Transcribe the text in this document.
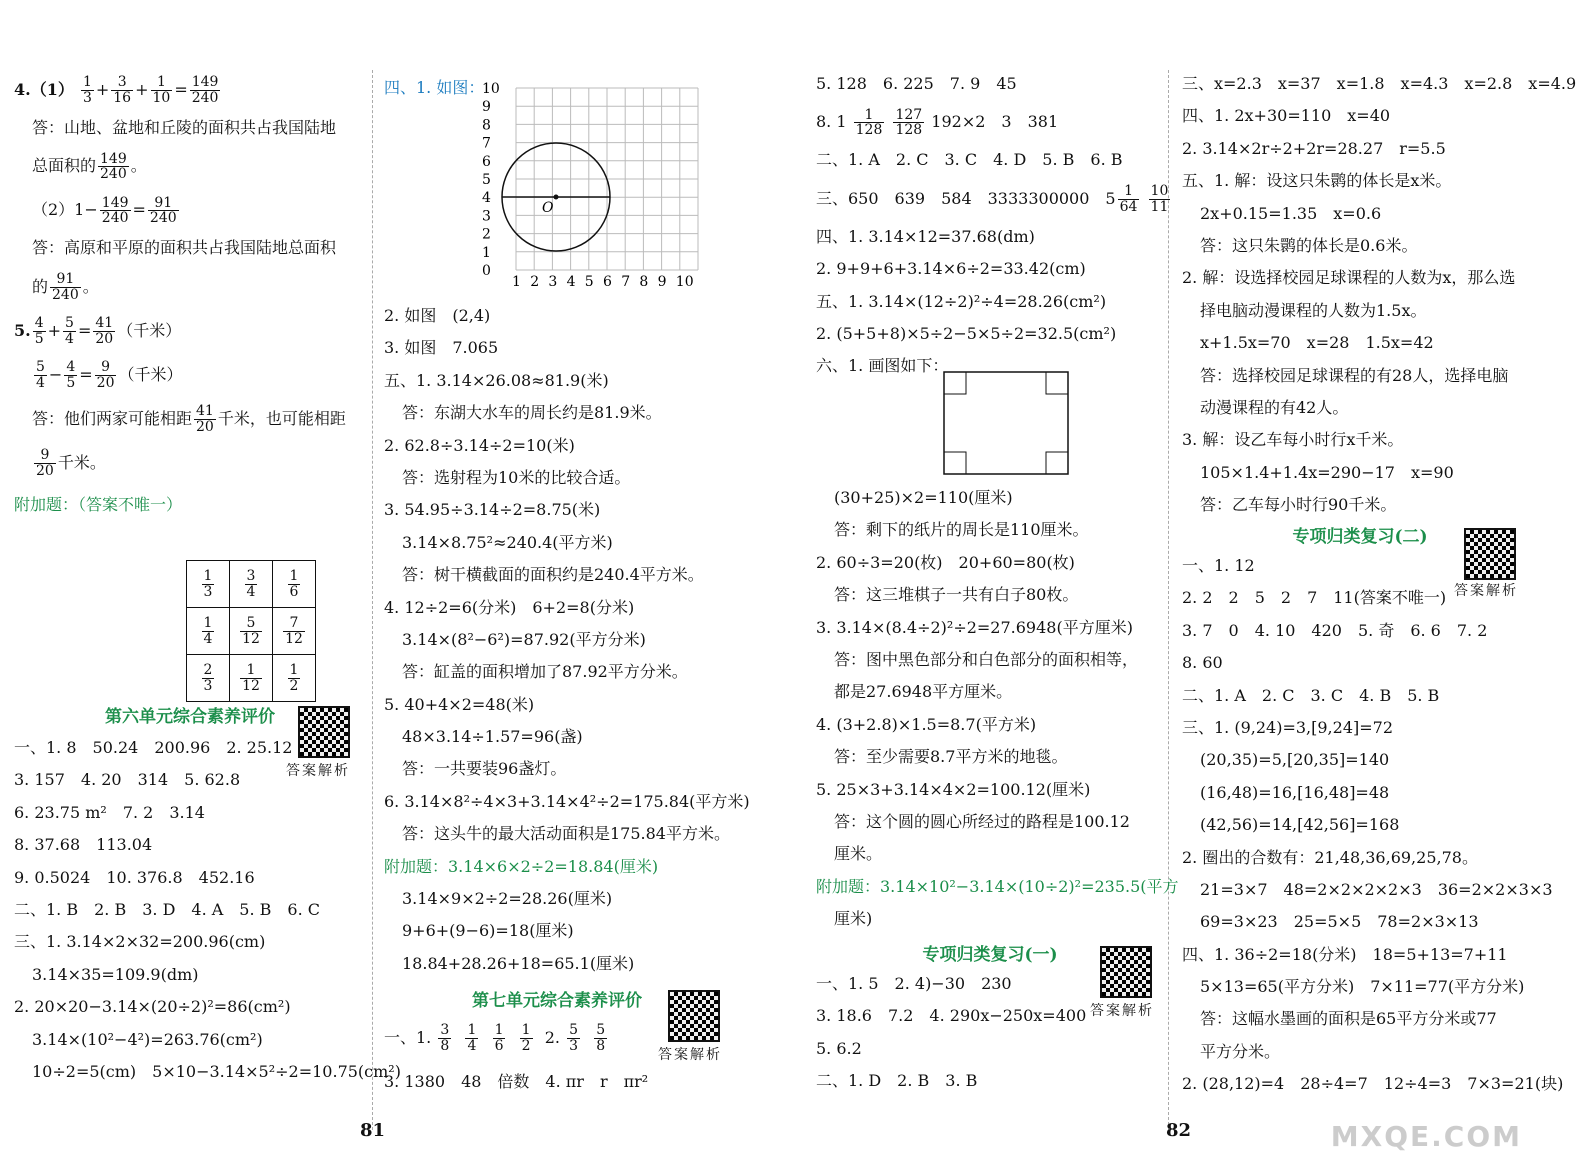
$4.(1) \frac{1}{3} + \frac{3}{16} + \frac{1}{10} = \frac{149}{240}$
答：山地、盆地和丘陵的面积共占我国陆地
总面积的 $\frac{149}{240}$ 。
$(2)1- \frac{149}{240} = \frac{91}{240}$
答：高原和平原的面积共占我国陆地总面积
的 $\frac{91}{240}$ 。
5. $\frac{4}{5} + \frac{5}{4} = \frac{41}{20}$ （千米）
$\frac{5}{4} - \frac{4}{5} = \frac{9}{20}$ （千米）
答：他们两家可能相距 $\frac{41}{20}$ 千米，也可能相距
$\frac{9}{20}$ 千米。
附加题：（答案不唯一）
$\frac{1}{3}$	$\frac{3}{4}$	$\frac{1}{6}$

$\frac{1}{4}$	$\frac{5}{12}$	$\frac{7}{12}$

$\frac{2}{3}$	$\frac{1}{12}$	$\frac{1}{2}$
第六单元综合素养评价
答案解析
一、1. 8　50.24　200.96　2. 25.12
3. 157　4. 20　314　5. 62.8
6. 23.75 m²　7. 2　3.14
8. 37.68　113.04
9. 0.5024　10. 376.8　452.16
二、1. B　2. B　3. D　4. A　5. B　6. C
三、1. 3.14×2×32=200.96(cm)
3.14×35=109.9(dm)
2. 20×20−3.14×(20÷2)²=86(cm²)
3.14×(10²−4²)=263.76(cm²)
10÷2=5(cm)　5×10−3.14×5²÷2=10.75(cm²)
四、1. 如图：
10
9
8
7
6
5
4
3
2
1
0
1 2 3 4 5 6 7 8 9 10
O
2. 如图　(2,4)
3. 如图　7.065
五、1. 3.14×26.08≈81.9(米)
答：东湖大水车的周长约是81.9米。
2. 62.8÷3.14÷2=10(米)
答：选射程为10米的比较合适。
3. 54.95÷3.14÷2=8.75(米)
3.14×8.75²≈240.4(平方米)
答：树干横截面的面积约是240.4平方米。
4. 12÷2=6(分米)　6+2=8(分米)
3.14×(8²−6²)=87.92(平方分米)
答：缸盖的面积增加了87.92平方分米。
5. 40+4×2=48(米)
48×3.14÷1.57=96(盏)
答：一共要装96盏灯。
6. 3.14×8²÷4×3+3.14×4²÷2=175.84(平方米)
答：这头牛的最大活动面积是175.84平方米。
附加题：3.14×6×2÷2=18.84(厘米)
3.14×9×2÷2=28.26(厘米)
9+6+(9−6)=18(厘米)
18.84+28.26+18=65.1(厘米)
第七单元综合素养评价
答案解析
一、1. $\frac{3}{8}$
$\frac{1}{4}$
$\frac{1}{6}$
$\frac{1}{2} 2$. $\frac{5}{3}$
$\frac{5}{8}$
3. 1380　48　倍数　4. πr　r　πr²
81
5. 128　6. 225　7. 9　45
8. $1 \frac{1}{128}$
$\frac{127}{128} 192\times 2$　3　381
二、1. A　2. C　3. C　4. D　5. B　6. B
三、650　639　584　3333300000　$5 \frac{1}{64}$
$\frac{10}{11}$
四、1. 3.14×12=37.68(dm)
2. 9+9+6+3.14×6÷2=33.42(cm)
五、1. 3.14×(12÷2)²÷4=28.26(cm²)
2. (5+5+8)×5÷2−5×5÷2=32.5(cm²)
六、1. 画图如下：
(30+25)×2=110(厘米)
答：剩下的纸片的周长是110厘米。
2. 60÷3=20(枚)　20+60=80(枚)
答：这三堆棋子一共有白子80枚。
3. 3.14×(8.4÷2)²÷2=27.6948(平方厘米)
答：图中黑色部分和白色部分的面积相等，
都是27.6948平方厘米。
4. (3+2.8)×1.5=8.7(平方米)
答：至少需要8.7平方米的地毯。
5. 25×3+3.14×4×2=100.12(厘米)
答：这个圆的圆心所经过的路程是100.12
厘米。
附加题：3.14×10²−3.14×(10÷2)²=235.5(平方
厘米)
专项归类复习(一)
答案解析
一、1. 5　2. 4)−30　230
3. 18.6　7.2　4. 290x−250x=400
5. 6.2
二、1. D　2. B　3. B
82
三、x=2.3　x=37　x=1.8　x=4.3　x=2.8　x=4.9
四、1. 2x+30=110　x=40
2. 3.14×2r÷2+2r=28.27　r=5.5
五、1. 解：设这只朱鹮的体长是x米。
2x+0.15=1.35　x=0.6
答：这只朱鹮的体长是0.6米。
2. 解：设选择校园足球课程的人数为x，那么选
择电脑动漫课程的人数为1.5x。
x+1.5x=70　x=28　1.5x=42
答：选择校园足球课程的有28人，选择电脑
动漫课程的有42人。
3. 解：设乙车每小时行x千米。
105×1.4+1.4x=290−17　x=90
答：乙车每小时行90千米。
专项归类复习(二)
答案解析
一、1. 12
2. 2　2　5　2　7　11(答案不唯一)
3. 7　0　4. 10　420　5. 奇　6. 6　7. 2
8. 60
二、1. A　2. C　3. C　4. B　5. B
三、1. (9,24)=3,[9,24]=72
(20,35)=5,[20,35]=140
(16,48)=16,[16,48]=48
(42,56)=14,[42,56]=168
2. 圈出的合数有：21,48,36,69,25,78。
21=3×7　48=2×2×2×2×3　36=2×2×3×3
69=3×23　25=5×5　78=2×3×13
四、1. 36÷2=18(分米)　18=5+13=7+11
5×13=65(平方分米)　7×11=77(平方分米)
答：这幅水墨画的面积是65平方分米或77
平方分米。
2. (28,12)=4　28÷4=7　12÷4=3　7×3=21(块)
MXQE.COM
